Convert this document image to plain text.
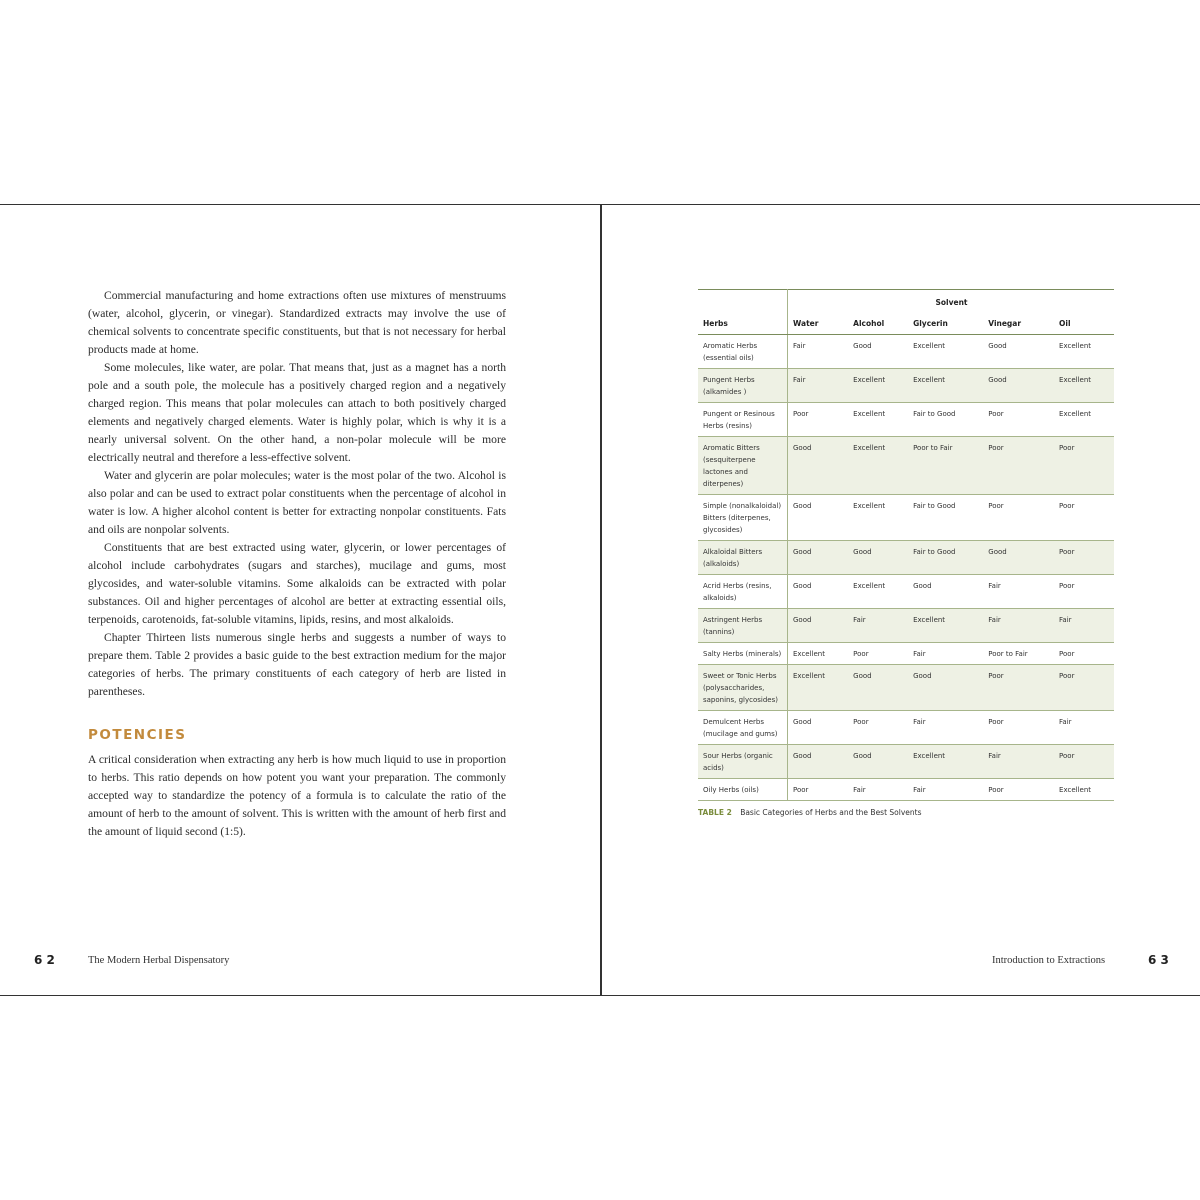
Commercial manufacturing and home extractions often use mixtures of menstruums (water, alcohol, glycerin, or vinegar). Standardized extracts may involve the use of chemical solvents to concentrate specific constituents, but that is not necessary for herbal products made at home.

Some molecules, like water, are polar. That means that, just as a magnet has a north pole and a south pole, the molecule has a positively charged region and a negatively charged region. This means that polar molecules can attach to both positively charged elements and negatively charged elements. Water is highly polar, which is why it is a nearly universal solvent. On the other hand, a non-polar molecule will be more electrically neutral and therefore a less-effective solvent.

Water and glycerin are polar molecules; water is the most polar of the two. Alcohol is also polar and can be used to extract polar constituents when the percentage of alcohol in water is low. A higher alcohol content is better for extracting nonpolar constituents. Fats and oils are nonpolar solvents.

Constituents that are best extracted using water, glycerin, or lower percentages of alcohol include carbohydrates (sugars and starches), mucilage and gums, most glycosides, and water-soluble vitamins. Some alkaloids can be extracted with polar substances. Oil and higher percentages of alcohol are better at extracting essential oils, terpenoids, carotenoids, fat-soluble vitamins, lipids, resins, and most alkaloids.

Chapter Thirteen lists numerous single herbs and suggests a number of ways to prepare them. Table 2 provides a basic guide to the best extraction medium for the major categories of herbs. The primary constituents of each category of herb are listed in parentheses.

POTENCIES

A critical consideration when extracting any herb is how much liquid to use in proportion to herbs. This ratio depends on how potent you want your preparation. The commonly accepted way to standardize the potency of a formula is to calculate the ratio of the amount of herb to the amount of solvent. This is written with the amount of herb first and the amount of liquid second (1:5).

6 2	The Modern Herbal Dispensatory
	Solvent				
Herbs	Water	Alcohol	Glycerin	Vinegar	Oil
Aromatic Herbs (essential oils)	Fair	Good	Excellent	Good	Excellent
Pungent Herbs (alkamides )	Fair	Excellent	Excellent	Good	Excellent
Pungent or Resinous Herbs (resins)	Poor	Excellent	Fair to Good	Poor	Excellent
Aromatic Bitters (sesquiterpene lactones and diterpenes)	Good	Excellent	Poor to Fair	Poor	Poor
Simple (nonalkaloidal) Bitters (diterpenes, glycosides)	Good	Excellent	Fair to Good	Poor	Poor
Alkaloidal Bitters (alkaloids)	Good	Good	Fair to Good	Good	Poor
Acrid Herbs (resins, alkaloids)	Good	Excellent	Good	Fair	Poor
Astringent Herbs (tannins)	Good	Fair	Excellent	Fair	Fair
Salty Herbs (minerals)	Excellent	Poor	Fair	Poor to Fair	Poor
Sweet or Tonic Herbs (polysaccharides, saponins, glycosides)	Excellent	Good	Good	Poor	Poor
Demulcent Herbs (mucilage and gums)	Good	Poor	Fair	Poor	Fair
Sour Herbs (organic acids)	Good	Good	Excellent	Fair	Poor
Oily Herbs (oils)	Poor	Fair	Fair	Poor	Excellent
TABLE 2 Basic Categories of Herbs and the Best Solvents
Introduction to Extractions	6 3
